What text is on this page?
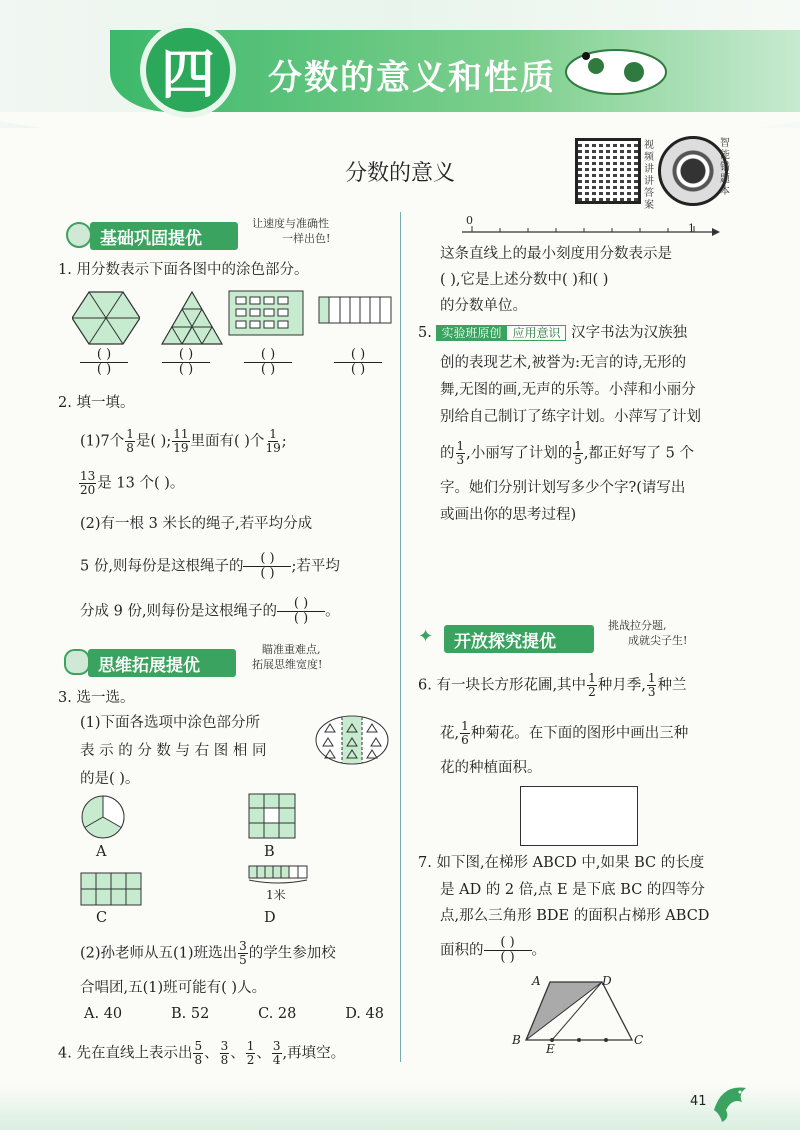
四 分数的意义和性质
分数的意义
视频讲讲答案
智能错题本
基础巩固提优
让速度与准确性
一样出色!
1. 用分数表示下面各图中的涂色部分。
( )
( )
( )
( )
( )
( )
( )
( )
2. 填一填。
(1)7个 $\frac{1}{8}$ 是( ); $\frac{11}{19}$ 里面有( )个 $\frac{1}{19}$ ;
$\frac{13}{20}$ 是 13 个( )。
(2)有一根 3 米长的绳子,若平均分成
5 份,则每份是这根绳子的	( )
( ) ;若平均
分成 9 份,则每份是这根绳子的	( )
( ) 。
思维拓展提优
瞄准重难点,
拓展思维宽度!
3. 选一选。
(1)下面各选项中涂色部分所
表 示 的 分 数 与 右 图 相 同
的是( )。
A	B
C
1米
D
(2)孙老师从五(1)班选出 $\frac{3}{5}$ 的学生参加校
合唱团,五(1)班可能有( )人。
A. 40	B. 52	C. 28	D. 48
4. 先在直线上表示出 $\frac{5}{8}$ 、 $\frac{3}{8}$ 、 $\frac{1}{2}$ 、 $\frac{3}{4}$ ,再填空。
0
1
这条直线上的最小刻度用分数表示是
( ),它是上述分数中( )和( )
的分数单位。
5. 实验班原创 应用意识 汉字书法为汉族独
创的表现艺术,被誉为:无言的诗,无形的
舞,无图的画,无声的乐等。小萍和小丽分
别给自己制订了练字计划。小萍写了计划
的 $\frac{1}{3}$ ,小丽写了计划的 $\frac{1}{5}$ ,都正好写了 5 个
字。她们分别计划写多少个字?(请写出
或画出你的思考过程)
✦ 开放探究提优
挑战拉分题,
成就尖子生!
6. 有一块长方形花圃,其中 $\frac{1}{2}$ 种月季, $\frac{1}{3}$ 种兰
花, $\frac{1}{6}$ 种菊花。在下面的图形中画出三种
花的种植面积。
7. 如下图,在梯形 ABCD 中,如果 BC 的长度
是 AD 的 2 倍,点 E 是下底 BC 的四等分
点,那么三角形 BDE 的面积占梯形 ABCD
面积的	( )
( ) 。
A	D
B
E
C
41
